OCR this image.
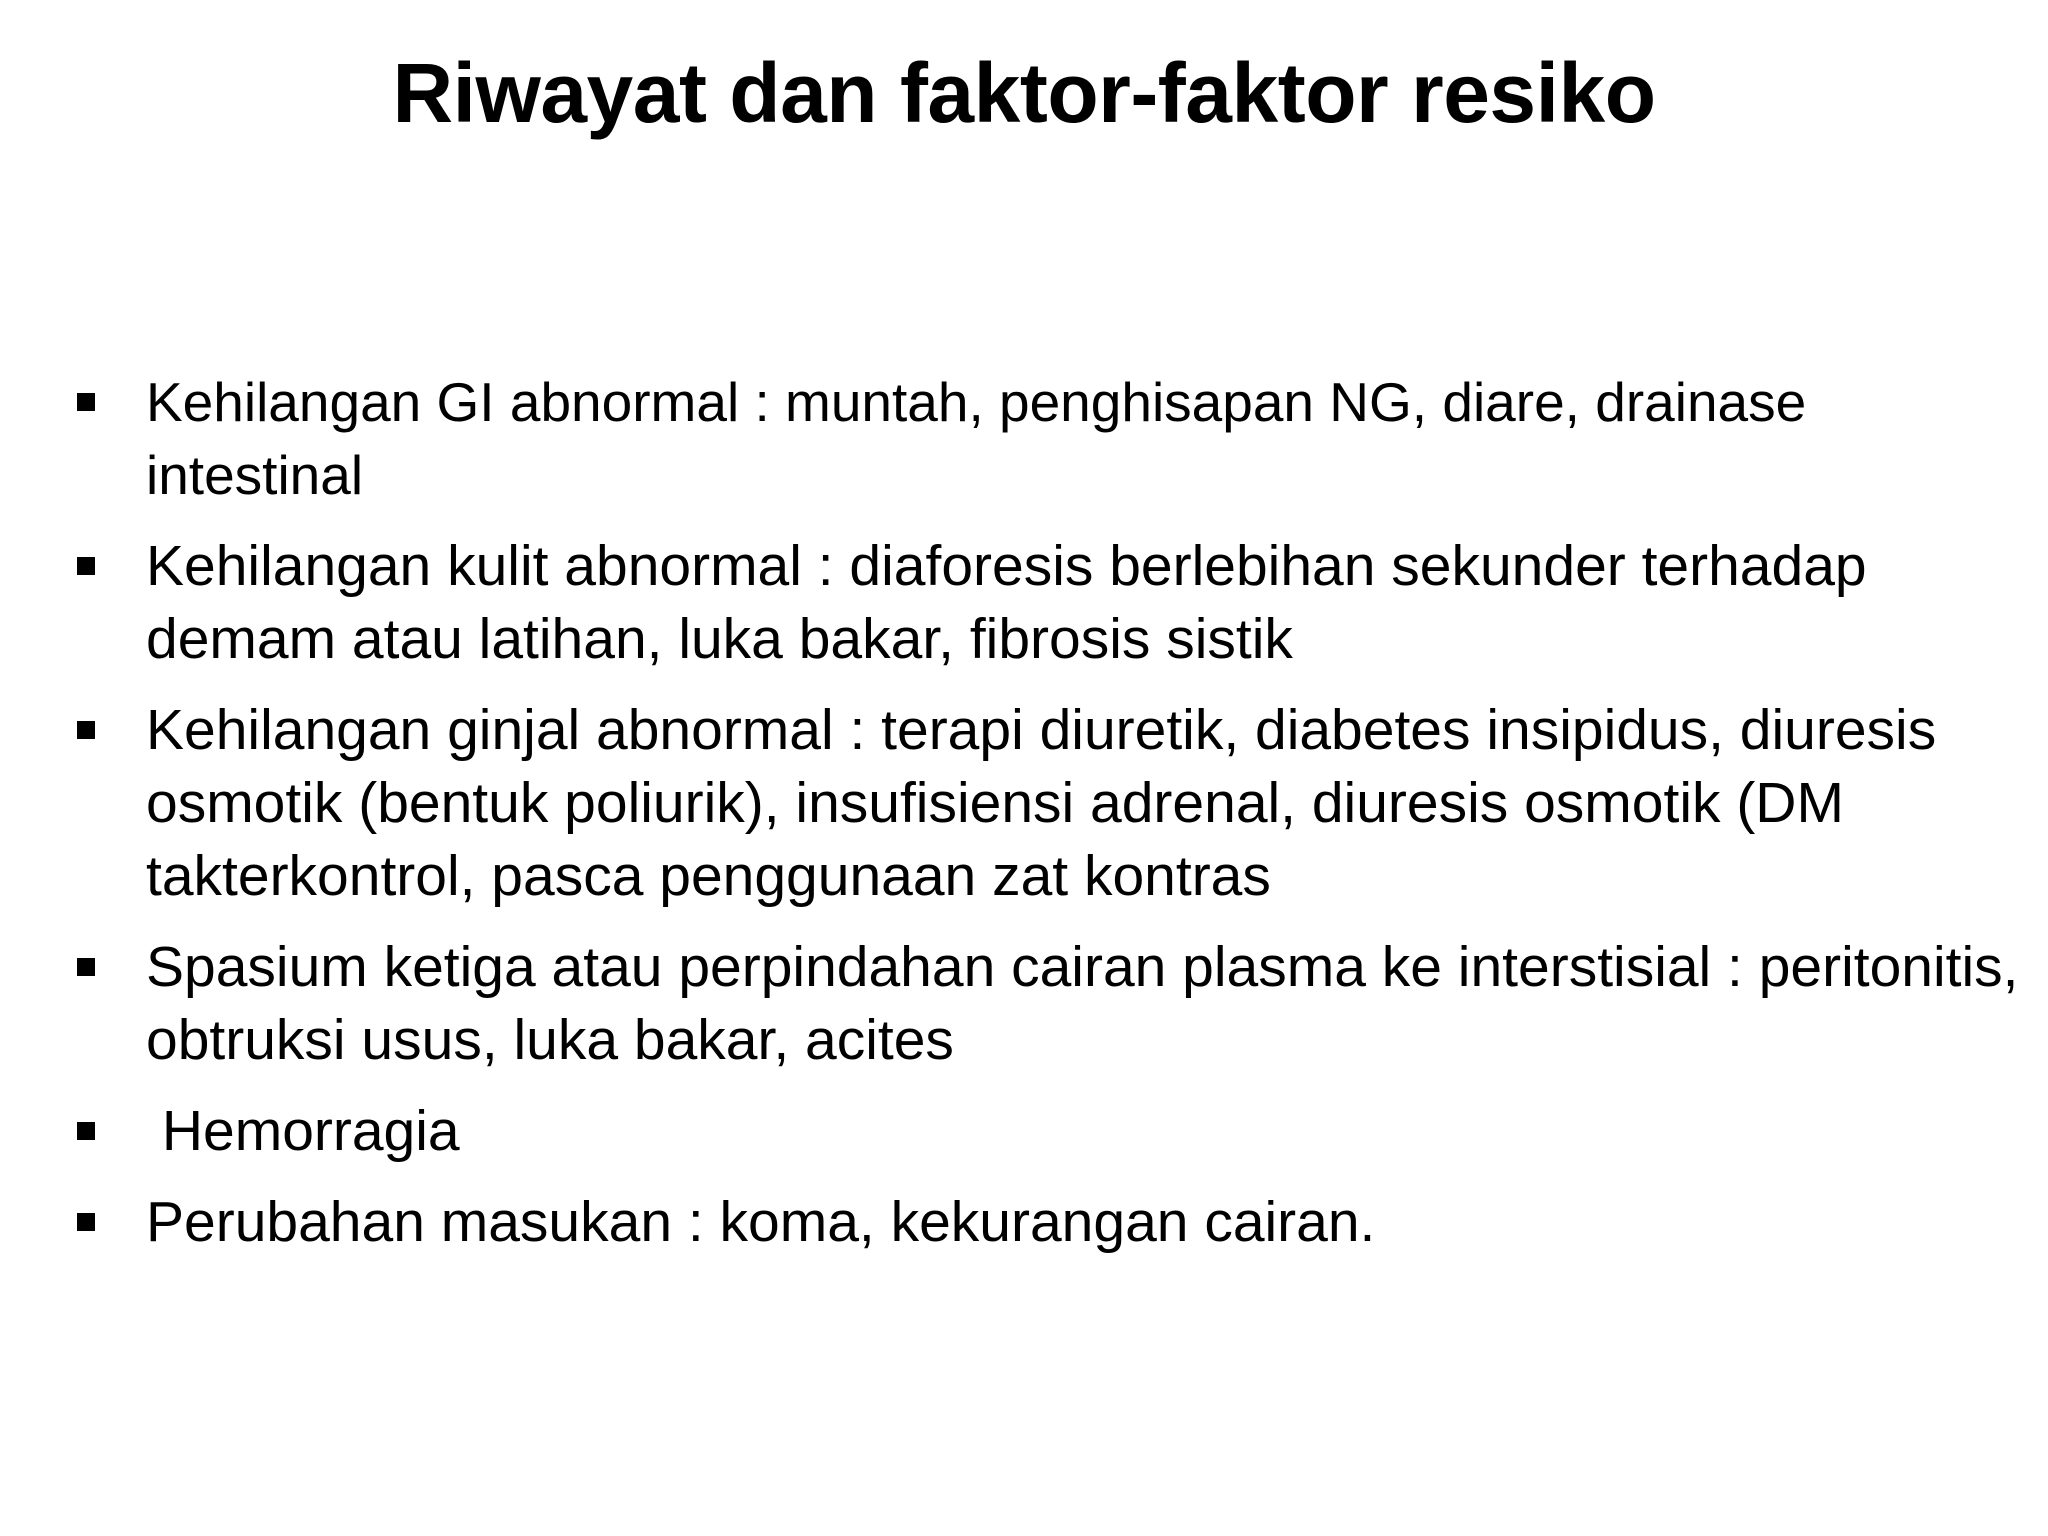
Riwayat dan faktor-faktor resiko
Kehilangan GI abnormal : muntah, penghisapan NG, diare, drainase intestinal
Kehilangan kulit abnormal : diaforesis berlebihan sekunder terhadap demam atau latihan, luka bakar, fibrosis sistik
Kehilangan ginjal abnormal : terapi diuretik, diabetes insipidus, diuresis osmotik (bentuk poliurik), insufisiensi adrenal, diuresis osmotik (DM takterkontrol, pasca penggunaan zat kontras
Spasium ketiga atau perpindahan cairan plasma ke interstisial : peritonitis, obtruksi usus, luka bakar, acites
Hemorragia
Perubahan masukan : koma, kekurangan cairan.
